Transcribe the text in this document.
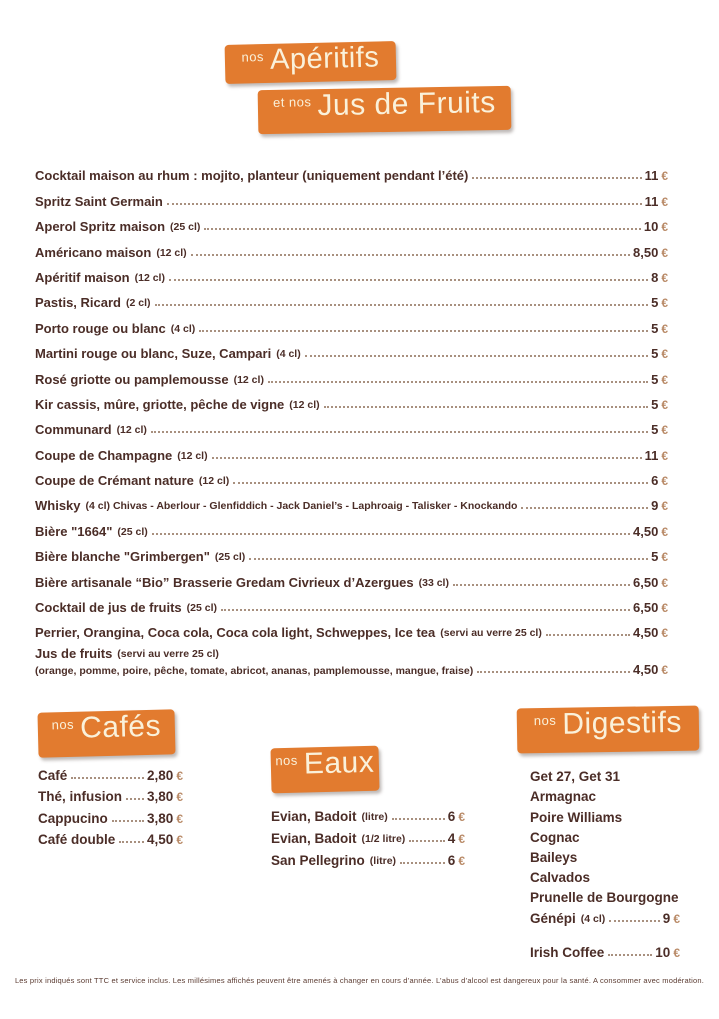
nos Apéritifs
et nos Jus de Fruits
Cocktail maison au rhum : mojito, planteur (uniquement pendant l’été)	11 €
Spritz Saint Germain	11 €
Aperol Spritz maison (25 cl)	10 €
Américano maison (12 cl)	8,50 €
Apéritif maison (12 cl)	8 €
Pastis, Ricard (2 cl)	5 €
Porto rouge ou blanc (4 cl)	5 €
Martini rouge ou blanc, Suze, Campari (4 cl)	5 €
Rosé griotte ou pamplemousse (12 cl)	5 €
Kir cassis, mûre, griotte, pêche de vigne (12 cl)	5 €
Communard (12 cl)	5 €
Coupe de Champagne (12 cl)	11 €
Coupe de Crémant nature (12 cl)	6 €
Whisky (4 cl) Chivas - Aberlour - Glenfiddich - Jack Daniel’s - Laphroaig - Talisker - Knockando	9 €
Bière "1664" (25 cl)	4,50 €
Bière blanche "Grimbergen" (25 cl)	5 €
Bière artisanale “Bio” Brasserie Gredam Civrieux d’Azergues (33 cl)	6,50 €
Cocktail de jus de fruits (25 cl)	6,50 €
Perrier, Orangina, Coca cola, Coca cola light, Schweppes, Ice tea (servi au verre 25 cl)	4,50 €
Jus de fruits (servi au verre 25 cl)
(orange, pomme, poire, pêche, tomate, abricot, ananas, pamplemousse, mangue, fraise)	4,50 €
nos Cafés
Café	2,80 €
Thé, infusion 3,80 €
Cappucino	3,80 €
Café double 4,50 €
nos Eaux
Evian, Badoit (litre)	6 €
Evian, Badoit (1/2 litre)	4 €
San Pellegrino (litre)	6 €
nos Digestifs
Get 27, Get 31
Armagnac
Poire Williams
Cognac
Baileys
Calvados
Prunelle de Bourgogne
Génépi (4 cl)	9 €
Irish Coffee	10 €
Les prix indiqués sont TTC et service inclus. Les millésimes affichés peuvent être amenés à changer en cours d’année. L’abus d’alcool est dangereux pour la santé. A consommer avec modération.
